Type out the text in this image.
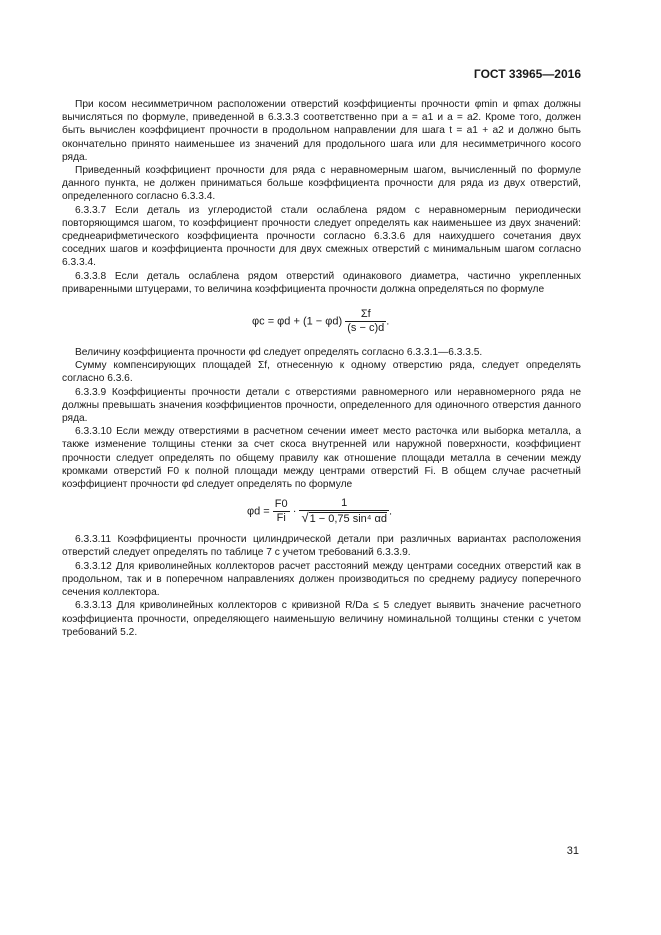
ГОСТ 33965—2016

При косом несимметричном расположении отверстий коэффициенты прочности φmin и φmax должны вычисляться по формуле, приведенной в 6.3.3.3 соответственно при a = a1 и a = a2. Кроме того, должен быть вычислен коэффициент прочности в продольном направлении для шага t = a1 + a2 и должно быть окончательно принято наименьшее из значений для продольного шага или для несимметричного косого ряда.

Приведенный коэффициент прочности для ряда с неравномерным шагом, вычисленный по формуле данного пункта, не должен приниматься больше коэффициента прочности для ряда из двух отверстий, определенного согласно 6.3.3.4.

6.3.3.7 Если деталь из углеродистой стали ослаблена рядом с неравномерным периодически повторяющимся шагом, то коэффициент прочности следует определять как наименьшее из двух значений: среднеарифметического коэффициента прочности согласно 6.3.3.6 для наихудшего сочетания двух соседних шагов и коэффициента прочности для двух смежных отверстий с минимальным шагом согласно 6.3.3.4.

6.3.3.8 Если деталь ослаблена рядом отверстий одинакового диаметра, частично укрепленных приваренными штуцерами, то величина коэффициента прочности должна определяться по формуле

$\varphi c = \varphi d + (1 - \varphi d) \frac{\Sigma f}{(s - c)d}$ .

Величину коэффициента прочности φd следует определять согласно 6.3.3.1—6.3.3.5.

Сумму компенсирующих площадей Σf, отнесенную к одному отверстию ряда, следует определять согласно 6.3.6.

6.3.3.9 Коэффициенты прочности детали с отверстиями равномерного или неравномерного ряда не должны превышать значения коэффициентов прочности, определенного для одиночного отверстия данного ряда.

6.3.3.10 Если между отверстиями в расчетном сечении имеет место расточка или выборка металла, а также изменение толщины стенки за счет скоса внутренней или наружной поверхности, коэффициент прочности следует определять по общему правилу как отношение площади металла в сечении между кромками отверстий F0 к полной площади между центрами отверстий Fi. В общем случае расчетный коэффициент прочности φd следует определять по формуле

$\varphi d = \frac{F0}{Fi} \cdot \frac{1}{\text{√1 − 0,75 sin⁴ αd}}$ .

6.3.3.11 Коэффициенты прочности цилиндрической детали при различных вариантах расположения отверстий следует определять по таблице 7 с учетом требований 6.3.3.9.

6.3.3.12 Для криволинейных коллекторов расчет расстояний между центрами соседних отверстий как в продольном, так и в поперечном направлениях должен производиться по среднему радиусу поперечного сечения коллектора.

6.3.3.13 Для криволинейных коллекторов с кривизной R/Da ≤ 5 следует выявить значение расчетного коэффициента прочности, определяющего наименьшую величину номинальной толщины стенки с учетом требований 5.2.

31
